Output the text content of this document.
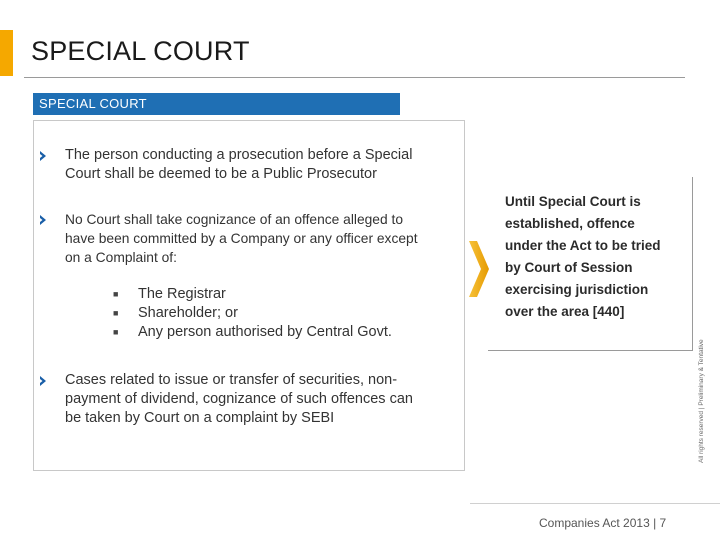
SPECIAL COURT
SPECIAL COURT
The person conducting a prosecution before a Special
Court shall be deemed to be a Public Prosecutor
No Court shall take cognizance of an offence alleged to
have been committed by a Company or any officer except
on a Complaint of:
■ The Registrar
■ Shareholder; or
■ Any person authorised by Central Govt.
Cases related to issue or transfer of securities, non-
payment of dividend, cognizance of such offences can
be taken by Court on a complaint by SEBI
Until Special Court is
established, offence
under the Act to be tried
by Court of Session
exercising jurisdiction
over the area [440]
All rights reserved | Preliminary & Tentative
Companies Act 2013 | 7
